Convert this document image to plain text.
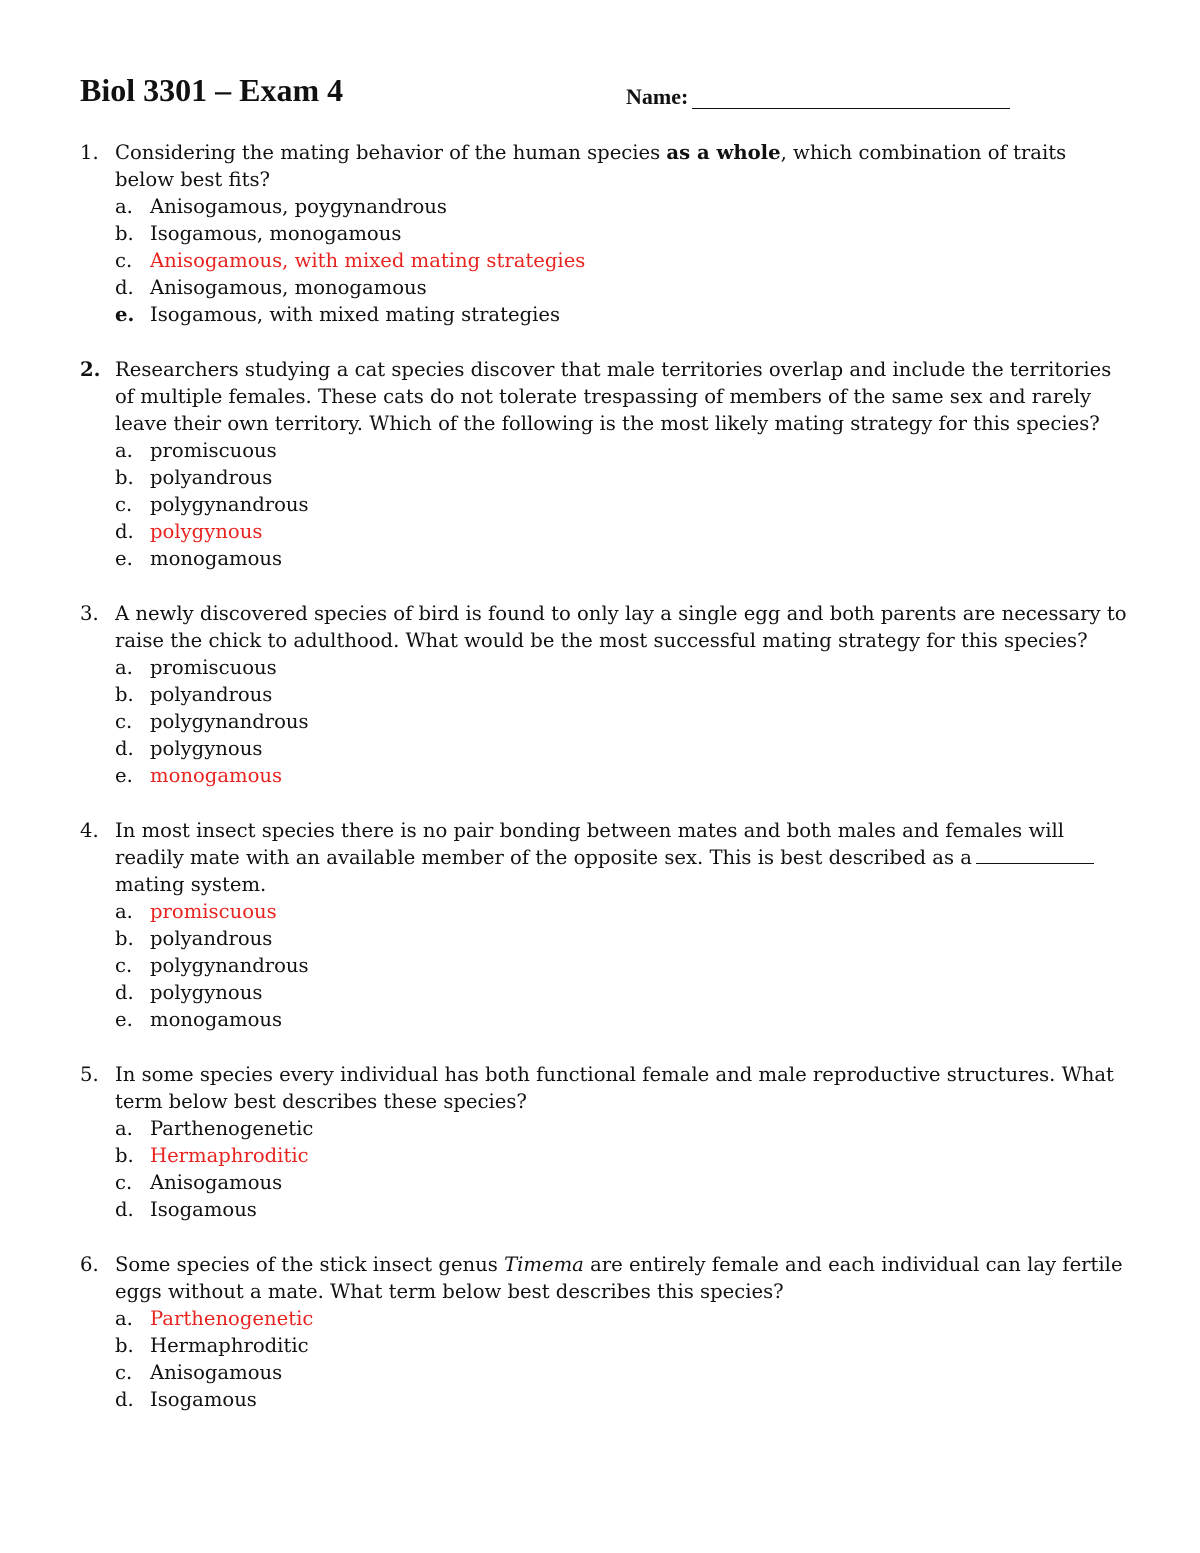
Biol 3301 – Exam 4	Name:
1. Considering the mating behavior of the human species as a whole, which combination of traits below best fits?
a. Anisogamous, poygynandrous
b. Isogamous, monogamous
c. Anisogamous, with mixed mating strategies
d. Anisogamous, monogamous
e. Isogamous, with mixed mating strategies
2. Researchers studying a cat species discover that male territories overlap and include the territories of multiple females. These cats do not tolerate trespassing of members of the same sex and rarely leave their own territory. Which of the following is the most likely mating strategy for this species?
a. promiscuous
b. polyandrous
c. polygynandrous
d. polygynous
e. monogamous
3. A newly discovered species of bird is found to only lay a single egg and both parents are necessary to raise the chick to adulthood. What would be the most successful mating strategy for this species?
a. promiscuous
b. polyandrous
c. polygynandrous
d. polygynous
e. monogamous
4. In most insect species there is no pair bonding between mates and both males and females will readily mate with an available member of the opposite sex. This is best described as amating system.
a. promiscuous
b. polyandrous
c. polygynandrous
d. polygynous
e. monogamous
5. In some species every individual has both functional female and male reproductive structures. What term below best describes these species?
a. Parthenogenetic
b. Hermaphroditic
c. Anisogamous
d. Isogamous
6. Some species of the stick insect genus Timema are entirely female and each individual can lay fertile eggs without a mate. What term below best describes this species?
a. Parthenogenetic
b. Hermaphroditic
c. Anisogamous
d. Isogamous
